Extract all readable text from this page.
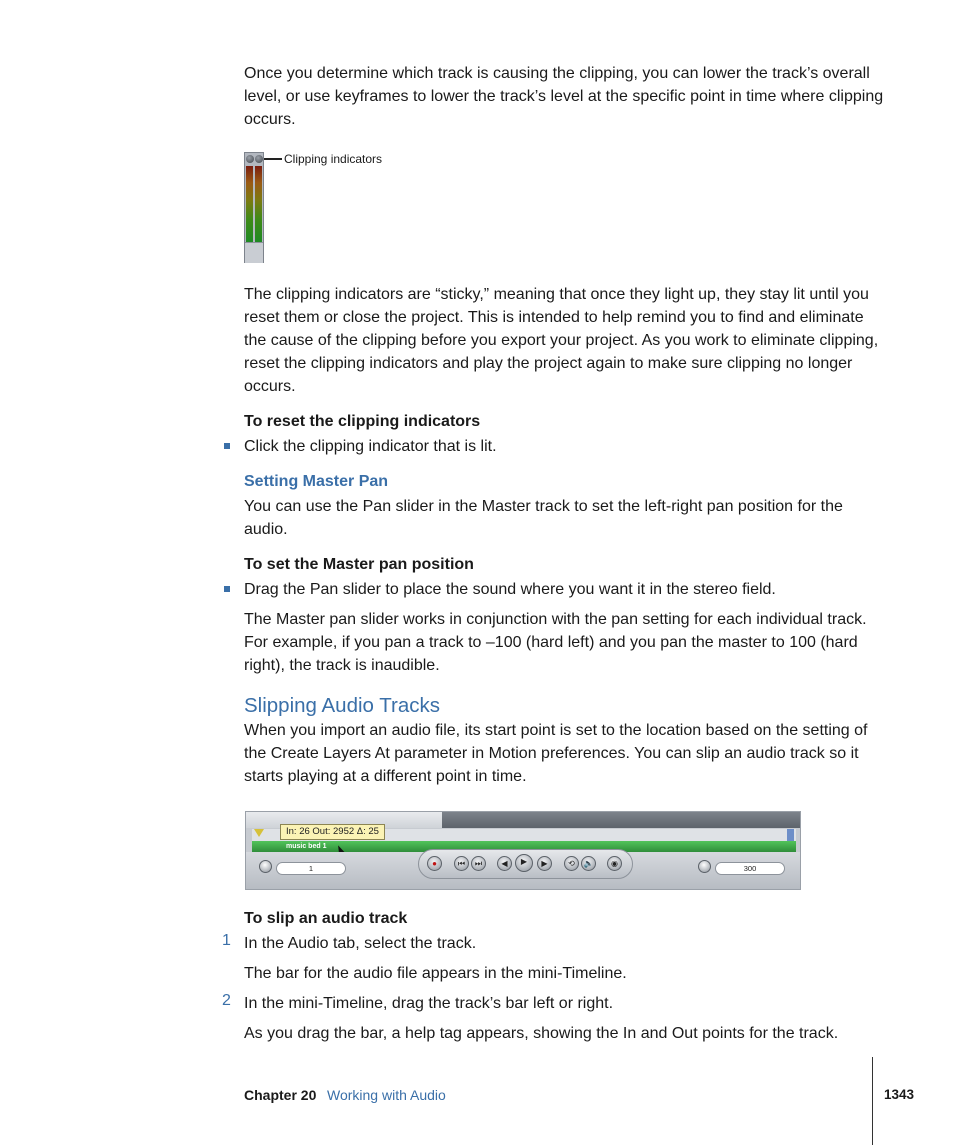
Once you determine which track is causing the clipping, you can lower the track’s overall level, or use keyframes to lower the track’s level at the specific point in time where clipping occurs.
Clipping indicators
The clipping indicators are “sticky,” meaning that once they light up, they stay lit until you reset them or close the project. This is intended to help remind you to find and eliminate the cause of the clipping before you export your project. As you work to eliminate clipping, reset the clipping indicators and play the project again to make sure clipping no longer occurs.
To reset the clipping indicators
Click the clipping indicator that is lit.
Setting Master Pan
You can use the Pan slider in the Master track to set the left-right pan position for the audio.
To set the Master pan position
Drag the Pan slider to place the sound where you want it in the stereo field.
The Master pan slider works in conjunction with the pan setting for each individual track. For example, if you pan a track to –100 (hard left) and you pan the master to 100 (hard right), the track is inaudible.
Slipping Audio Tracks
When you import an audio file, its start point is set to the location based on the setting of the Create Layers At parameter in Motion preferences. You can slip an audio track so it starts playing at a different point in time.
music bed 1
In: 26 Out: 2952 Δ: 25
1
●	⏮	⏭	◀	▶	▶	⟲	🔈	◉
300
To slip an audio track
1 In the Audio tab, select the track.
The bar for the audio file appears in the mini-Timeline.
2 In the mini-Timeline, drag the track’s bar left or right.
As you drag the bar, a help tag appears, showing the In and Out points for the track.
Chapter 20 Working with Audio	1343
